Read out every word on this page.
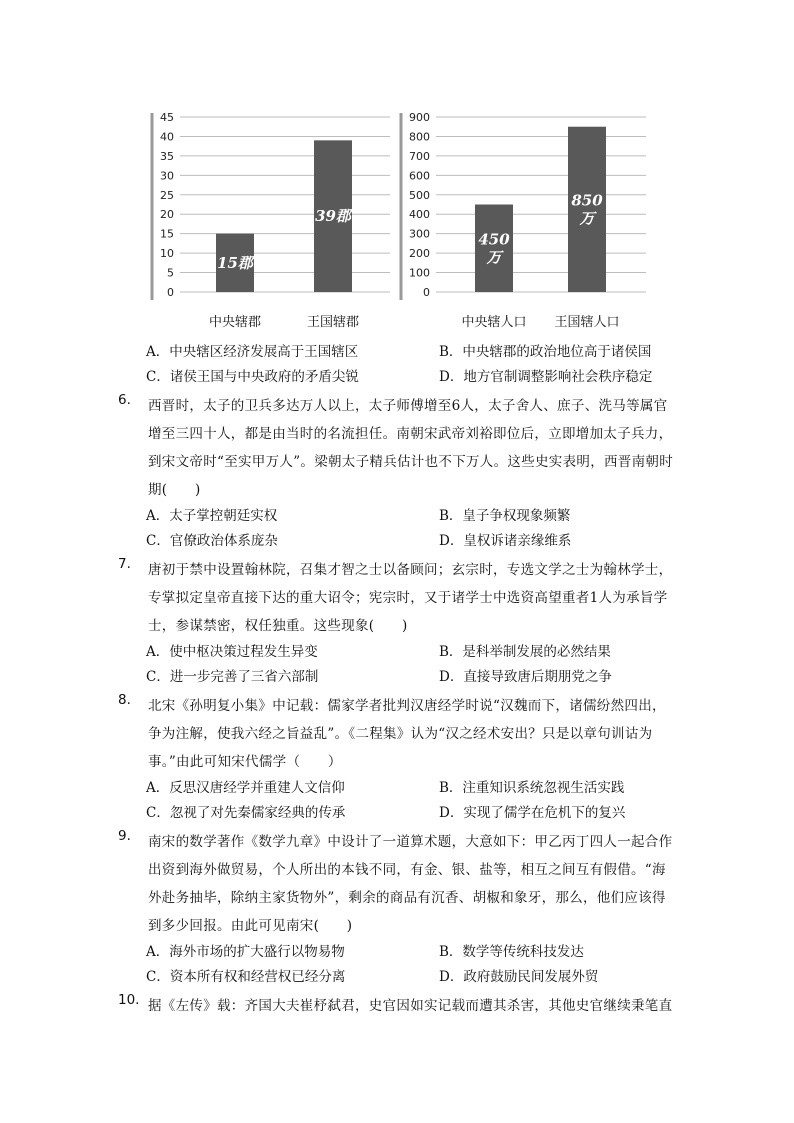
0
5
10
15
20
25
30
35
40
45
15郡
中央辖郡
39郡
王国辖郡
0
100
200
300
400
500
600
700
800
900
450
万
中央辖人口
850
万
王国辖人口
A．中央辖区经济发展高于王国辖区	B．中央辖郡的政治地位高于诸侯国
C．诸侯王国与中央政府的矛盾尖锐	D．地方官制调整影响社会秩序稳定
6.	西晋时，太子的卫兵多达万人以上，太子师傅增至6人，太子舍人、庶子、洗马等属官增至三四十人，都是由当时的名流担任。南朝宋武帝刘裕即位后，立即增加太子兵力，到宋文帝时“至实甲万人”。梁朝太子精兵估计也不下万人。这些史实表明，西晋南朝时期(　　)
A．太子掌控朝廷实权	B．皇子争权现象频繁
C．官僚政治体系庞杂	D．皇权诉诸亲缘维系
7.	唐初于禁中设置翰林院，召集才智之士以备顾问；玄宗时，专选文学之士为翰林学士，专掌拟定皇帝直接下达的重大诏令；宪宗时，又于诸学士中选资高望重者1人为承旨学士，参谋禁密，权任独重。这些现象(　　)
A．使中枢决策过程发生异变	B．是科举制发展的必然结果
C．进一步完善了三省六部制	D．直接导致唐后期朋党之争
8.	北宋《孙明复小集》中记载：儒家学者批判汉唐经学时说“汉魏而下，诸儒纷然四出，争为注解，使我六经之旨益乱”。《二程集》认为“汉之经术安出？只是以章句训诂为事。”由此可知宋代儒学（　　）
A．反思汉唐经学并重建人文信仰	B．注重知识系统忽视生活实践
C．忽视了对先秦儒家经典的传承	D．实现了儒学在危机下的复兴
9.	南宋的数学著作《数学九章》中设计了一道算术题，大意如下：甲乙丙丁四人一起合作出资到海外做贸易，个人所出的本钱不同，有金、银、盐等，相互之间互有假借。“海外赴务抽毕，除纳主家货物外”，剩余的商品有沉香、胡椒和象牙，那么，他们应该得到多少回报。由此可见南宋(　　)
A．海外市场的扩大盛行以物易物	B．数学等传统科技发达
C．资本所有权和经营权已经分离	D．政府鼓励民间发展外贸
10. 据《左传》载：齐国大夫崔杼弑君，史官因如实记载而遭其杀害，其他史官继续秉笔直
